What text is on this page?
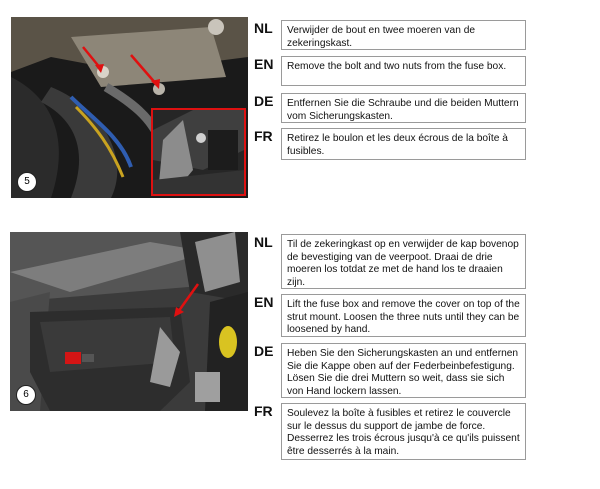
5
NL	Verwijder de bout en twee moeren van de zekeringskast.
EN	Remove the bolt and two nuts from the fuse box.
DE	Entfernen Sie die Schraube und die beiden Muttern vom Sicherungskasten.
FR	Retirez le boulon et les deux écrous de la boîte à fusibles.
6
NL	Til de zekeringkast op en verwijder de kap bovenop de bevestiging van de veerpoot. Draai de drie moeren los totdat ze met de hand los te draaien zijn.
EN	Lift the fuse box and remove the cover on top of the strut mount. Loosen the three nuts until they can be loosened by hand.
DE	Heben Sie den Sicherungskasten an und entfernen Sie die Kappe oben auf der Federbeinbefestigung. Lösen Sie die drei Muttern so weit, dass sie sich von Hand lockern lassen.
FR	Soulevez la boîte à fusibles et retirez le couvercle sur le dessus du support de jambe de force. Desserrez les trois écrous jusqu'à ce qu'ils puissent être desserrés à la main.
